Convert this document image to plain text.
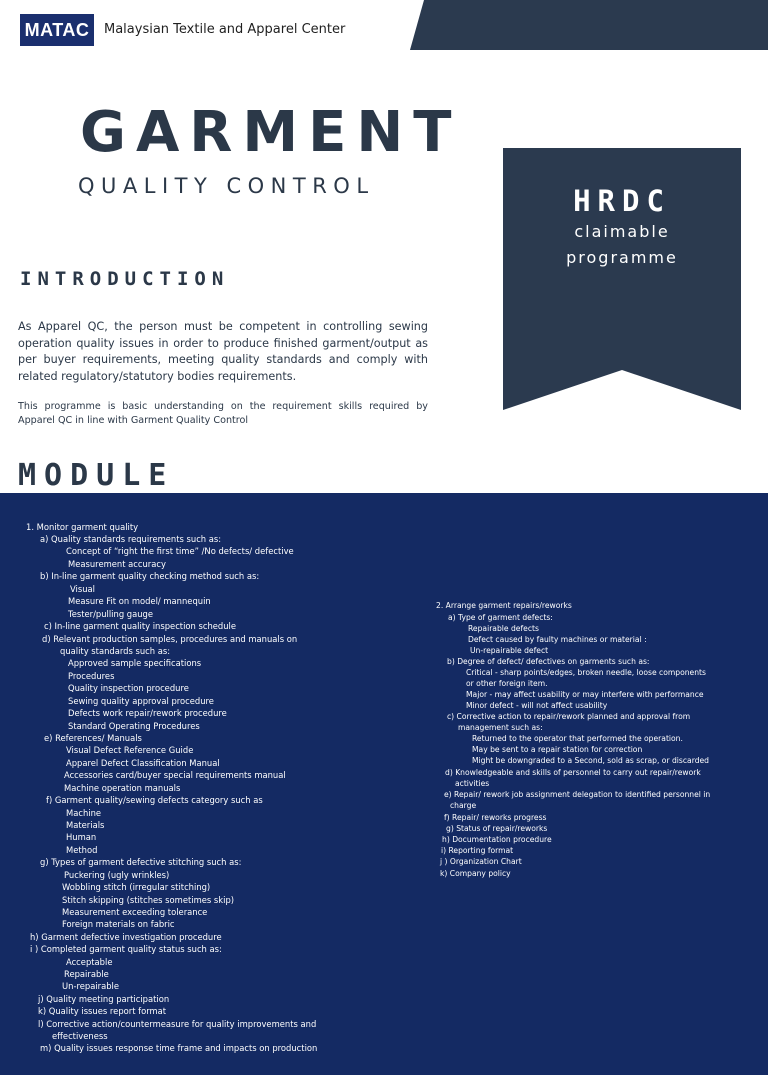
MATAC	Malaysian Textile and Apparel Center
GARMENT
QUALITY CONTROL	HRDC
claimable
programme
INTRODUCTION

As Apparel QC, the person must be competent in controlling sewing operation quality issues in order to produce finished garment/output as per buyer requirements, meeting quality standards and comply with related regulatory/statutory bodies requirements.

This programme is basic understanding on the requirement skills required by Apparel QC in line with Garment Quality Control

MODULE
1. Monitor garment quality
a) Quality standards requirements such as:
Concept of “right the first time” /No defects/ defective
Measurement accuracy
b) In-line garment quality checking method such as:
Visual
Measure Fit on model/ mannequin
Tester/pulling gauge
c) In-line garment quality inspection schedule
d) Relevant production samples, procedures and manuals on
quality standards such as:
Approved sample specifications
Procedures
Quality inspection procedure
Sewing quality approval procedure
Defects work repair/rework procedure
Standard Operating Procedures
e) References/ Manuals
Visual Defect Reference Guide
Apparel Defect Classification Manual
Accessories card/buyer special requirements manual
Machine operation manuals
f) Garment quality/sewing defects category such as
Machine
Materials
Human
Method
g) Types of garment defective stitching such as:
Puckering (ugly wrinkles)
Wobbling stitch (irregular stitching)
Stitch skipping (stitches sometimes skip)
Measurement exceeding tolerance
Foreign materials on fabric
h) Garment defective investigation procedure
i ) Completed garment quality status such as:
Acceptable
Repairable
Un-repairable
j) Quality meeting participation
k) Quality issues report format
l) Corrective action/countermeasure for quality improvements and
effectiveness
m) Quality issues response time frame and impacts on production
2. Arrange garment repairs/reworks
a) Type of garment defects:
Repairable defects
Defect caused by faulty machines or material :
Un-repairable defect
b) Degree of defect/ defectives on garments such as:
Critical - sharp points/edges, broken needle, loose components
or other foreign item.
Major - may affect usability or may interfere with performance
Minor defect - will not affect usability
c) Corrective action to repair/rework planned and approval from
management such as:
Returned to the operator that performed the operation.
May be sent to a repair station for correction
Might be downgraded to a Second, sold as scrap, or discarded
d) Knowledgeable and skills of personnel to carry out repair/rework
activities
e) Repair/ rework job assignment delegation to identified personnel in
charge
f) Repair/ reworks progress
g) Status of repair/reworks
h) Documentation procedure
i) Reporting format
j ) Organization Chart
k) Company policy
